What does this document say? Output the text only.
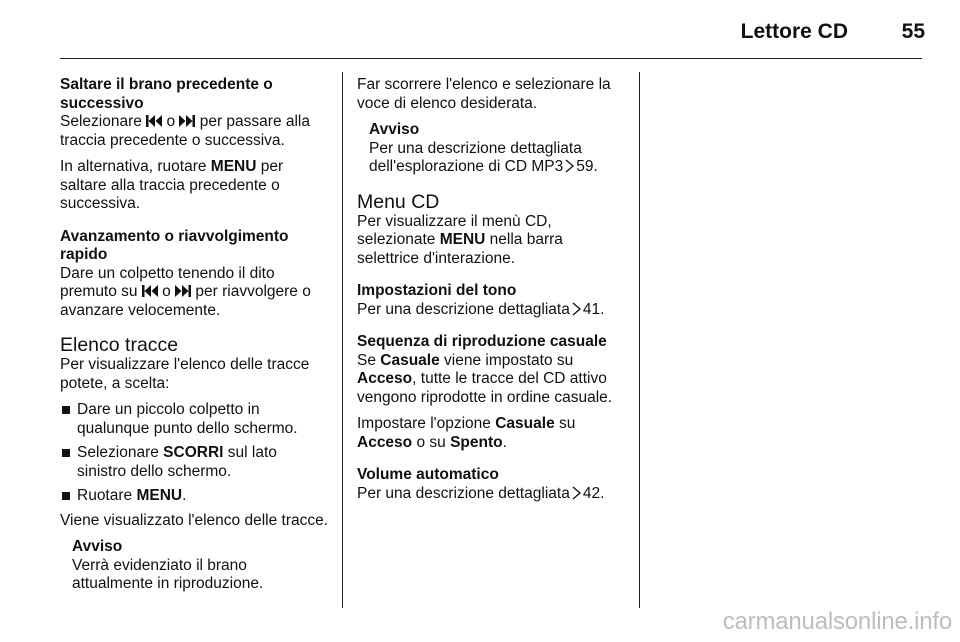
Lettore CD	55
Saltare il brano precedente o successivo

Selezionare  o  per passare alla traccia precedente o successiva.

In alternativa, ruotare MENU per saltare alla traccia precedente o successiva.

Avanzamento o riavvolgimento rapido

Dare un colpetto tenendo il dito premuto su  o  per riavvolgere o avanzare velocemente.

Elenco tracce

Per visualizzare l'elenco delle tracce potete, a scelta:

Dare un piccolo colpetto in qualunque punto dello schermo.
Selezionare SCORRI sul lato sinistro dello schermo.
Ruotare MENU.

Viene visualizzato l'elenco delle tracce.

Avviso
Verrà evidenziato il brano attualmente in riproduzione.

Far scorrere l'elenco e selezionare la voce di elenco desiderata.

Avviso
Per una descrizione dettagliata dell'esplorazione di CD MP3 59.
Menu CD

Per visualizzare il menù CD, selezionate MENU nella barra selettrice d'interazione.

Impostazioni del tono

Per una descrizione dettagliata 41.

Sequenza di riproduzione casuale

Se Casuale viene impostato su Acceso, tutte le tracce del CD attivo vengono riprodotte in ordine casuale.

Impostare l'opzione Casuale su Acceso o su Spento.

Volume automatico

Per una descrizione dettagliata 42.

carmanualsonline.info
